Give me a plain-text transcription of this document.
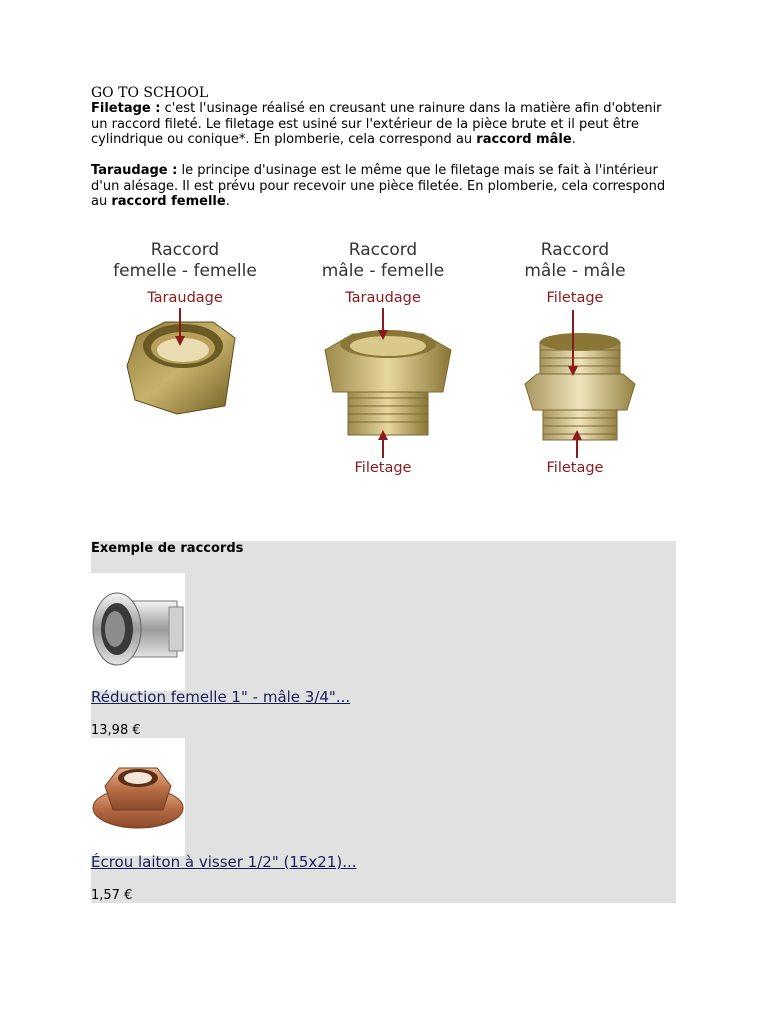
GO TO SCHOOL

Filetage : c'est l'usinage réalisé en creusant une rainure dans la matière afin d'obtenir un raccord fileté. Le filetage est usiné sur l'extérieur de la pièce brute et il peut être cylindrique ou conique*. En plomberie, cela correspond au raccord mâle.

Taraudage : le principe d'usinage est le même que le filetage mais se fait à l'intérieur d'un alésage. Il est prévu pour recevoir une pièce filetée. En plomberie, cela correspond au raccord femelle.

Raccord
femelle - femelle
Taraudage
Raccord
mâle - femelle
Taraudage
Filetage
Raccord
mâle - mâle
Filetage
Filetage
Exemple de raccords
Réduction femelle 1" - mâle 3/4"...
13,98 €
Écrou laiton à visser 1/2" (15x21)...
1,57 €
